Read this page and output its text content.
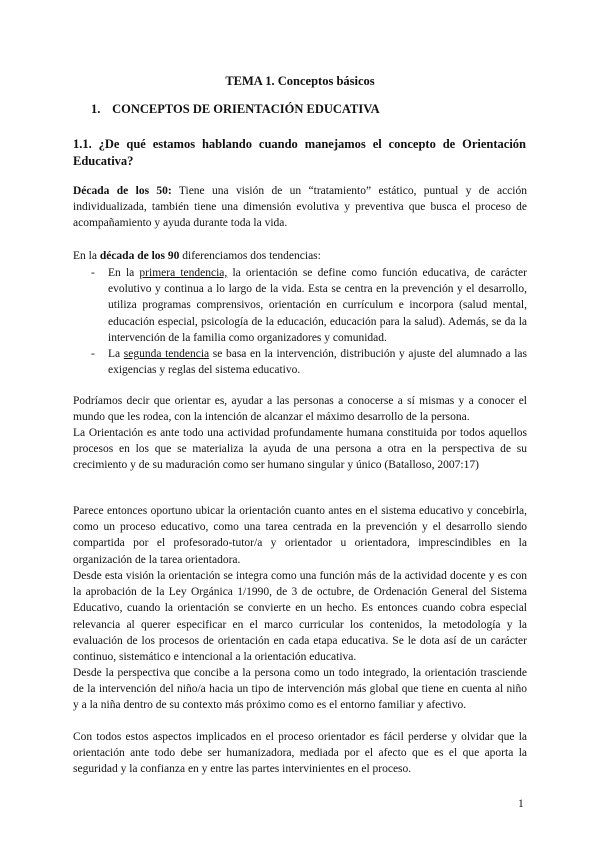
TEMA 1. Conceptos básicos
1. CONCEPTOS DE ORIENTACIÓN EDUCATIVA
1.1. ¿De qué estamos hablando cuando manejamos el concepto de Orientación Educativa?

Década de los 50: Tiene una visión de un “tratamiento” estático, puntual y de acción individualizada, también tiene una dimensión evolutiva y preventiva que busca el proceso de acompañamiento y ayuda durante toda la vida.

En la década de los 90 diferenciamos dos tendencias:

- En la primera tendencia, la orientación se define como función educativa, de carácter evolutivo y continua a lo largo de la vida. Esta se centra en la prevención y el desarrollo, utiliza programas comprensivos, orientación en currículum e incorpora (salud mental, educación especial, psicología de la educación, educación para la salud). Además, se da la intervención de la familia como organizadores y comunidad.
- La segunda tendencia se basa en la intervención, distribución y ajuste del alumnado a las exigencias y reglas del sistema educativo.

Podríamos decir que orientar es, ayudar a las personas a conocerse a sí mismas y a conocer el mundo que les rodea, con la intención de alcanzar el máximo desarrollo de la persona.

La Orientación es ante todo una actividad profundamente humana constituida por todos aquellos procesos en los que se materializa la ayuda de una persona a otra en la perspectiva de su crecimiento y de su maduración como ser humano singular y único (Batalloso, 2007:17)

Parece entonces oportuno ubicar la orientación cuanto antes en el sistema educativo y concebirla, como un proceso educativo, como una tarea centrada en la prevención y el desarrollo siendo compartida por el profesorado-tutor/a y orientador u orientadora, imprescindibles en la organización de la tarea orientadora.

Desde esta visión la orientación se integra como una función más de la actividad docente y es con la aprobación de la Ley Orgánica 1/1990, de 3 de octubre, de Ordenación General del Sistema Educativo, cuando la orientación se convierte en un hecho. Es entonces cuando cobra especial relevancia al querer especificar en el marco curricular los contenidos, la metodología y la evaluación de los procesos de orientación en cada etapa educativa. Se le dota así de un carácter continuo, sistemático e intencional a la orientación educativa.

Desde la perspectiva que concibe a la persona como un todo integrado, la orientación trasciende de la intervención del niño/a hacia un tipo de intervención más global que tiene en cuenta al niño y a la niña dentro de su contexto más próximo como es el entorno familiar y afectivo.

Con todos estos aspectos implicados en el proceso orientador es fácil perderse y olvidar que la orientación ante todo debe ser humanizadora, mediada por el afecto que es el que aporta la seguridad y la confianza en y entre las partes intervinientes en el proceso.

1
